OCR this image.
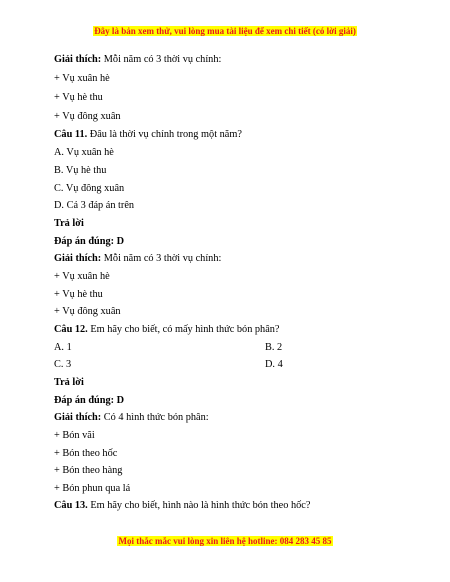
Đây là bản xem thử, vui lòng mua tài liệu để xem chi tiết (có lời giải)
Giải thích: Mỗi năm có 3 thời vụ chính:
+ Vụ xuân hè
+ Vụ hè thu
+ Vụ đông xuân
Câu 11. Đâu là thời vụ chính trong một năm?
A. Vụ xuân hè
B. Vụ hè thu
C. Vụ đông xuân
D. Cả 3 đáp án trên
Trả lời
Đáp án đúng: D
Giải thích: Mỗi năm có 3 thời vụ chính:
+ Vụ xuân hè
+ Vụ hè thu
+ Vụ đông xuân
Câu 12. Em hãy cho biết, có mấy hình thức bón phân?
A. 1	B. 2
C. 3	D. 4
Trả lời
Đáp án đúng: D
Giải thích: Có 4 hình thức bón phân:
+ Bón vãi
+ Bón theo hốc
+ Bón theo hàng
+ Bón phun qua lá
Câu 13. Em hãy cho biết, hình nào là hình thức bón theo hốc?
Mọi thắc mắc vui lòng xin liên hệ hotline: 084 283 45 85
